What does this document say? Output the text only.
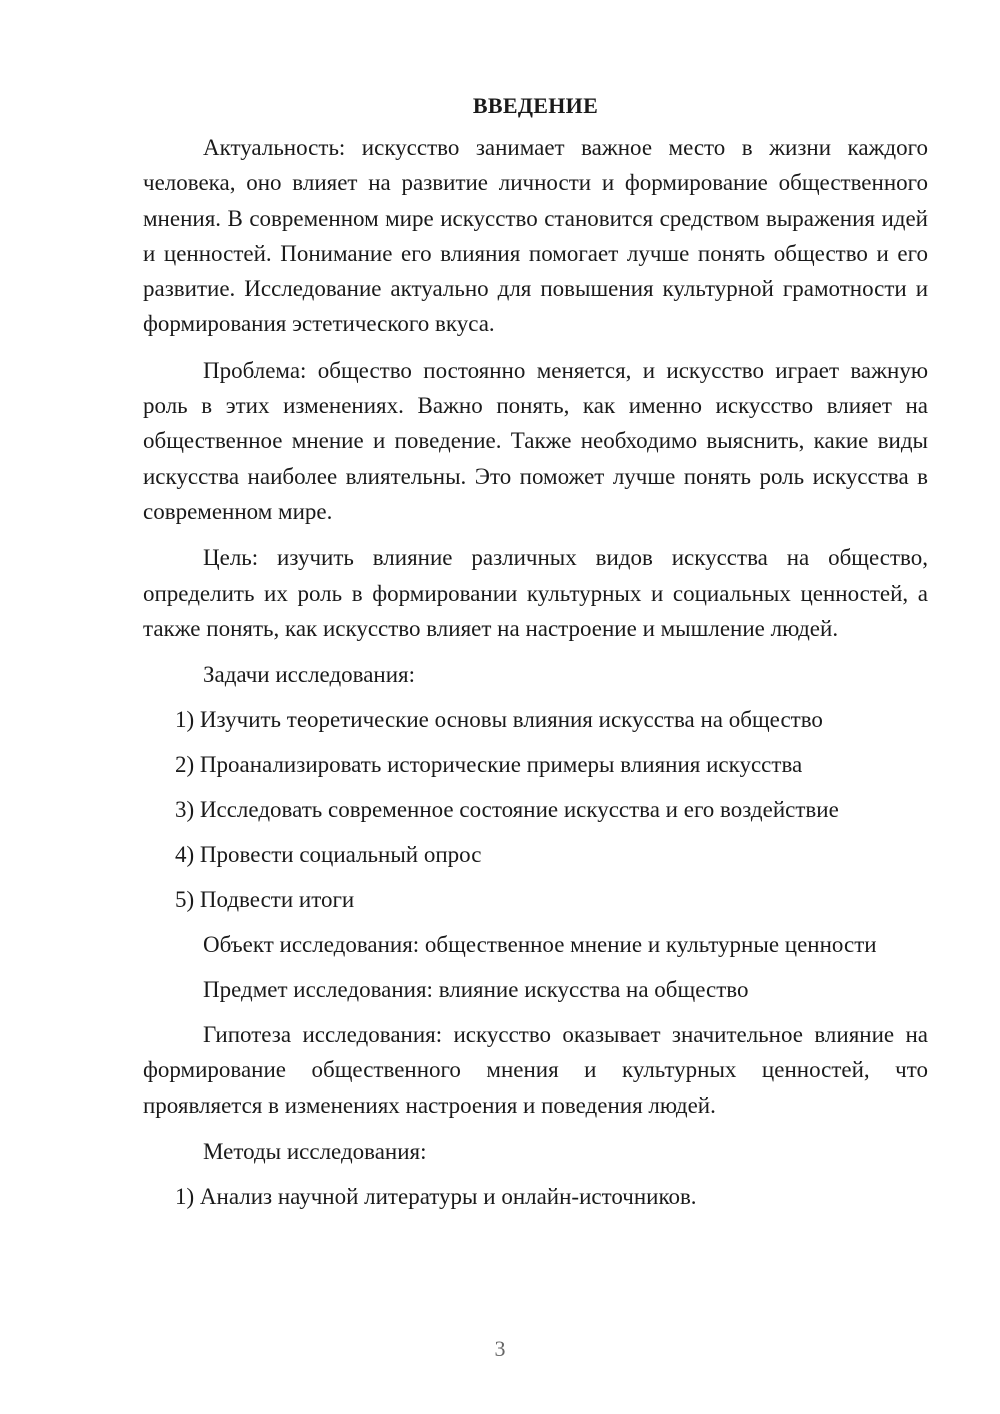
ВВЕДЕНИЕ

Актуальность: искусство занимает важное место в жизни каждого человека, оно влияет на развитие личности и формирование общественного мнения. В современном мире искусство становится средством выражения идей и ценностей. Понимание его влияния помогает лучше понять общество и его развитие. Исследование актуально для повышения культурной грамотности и формирования эстетического вкуса.

Проблема: общество постоянно меняется, и искусство играет важную роль в этих изменениях. Важно понять, как именно искусство влияет на общественное мнение и поведение. Также необходимо выяснить, какие виды искусства наиболее влиятельны. Это поможет лучше понять роль искусства в современном мире.

Цель: изучить влияние различных видов искусства на общество, определить их роль в формировании культурных и социальных ценностей, а также понять, как искусство влияет на настроение и мышление людей.

Задачи исследования:
1) Изучить теоретические основы влияния искусства на общество
2) Проанализировать исторические примеры влияния искусства
3) Исследовать современное состояние искусства и его воздействие
4) Провести социальный опрос
5) Подвести итоги
Объект исследования: общественное мнение и культурные ценности
Предмет исследования: влияние искусства на общество

Гипотеза исследования: искусство оказывает значительное влияние на формирование общественного мнения и культурных ценностей, что проявляется в изменениях настроения и поведения людей.

Методы исследования:
1) Анализ научной литературы и онлайн-источников.
3
